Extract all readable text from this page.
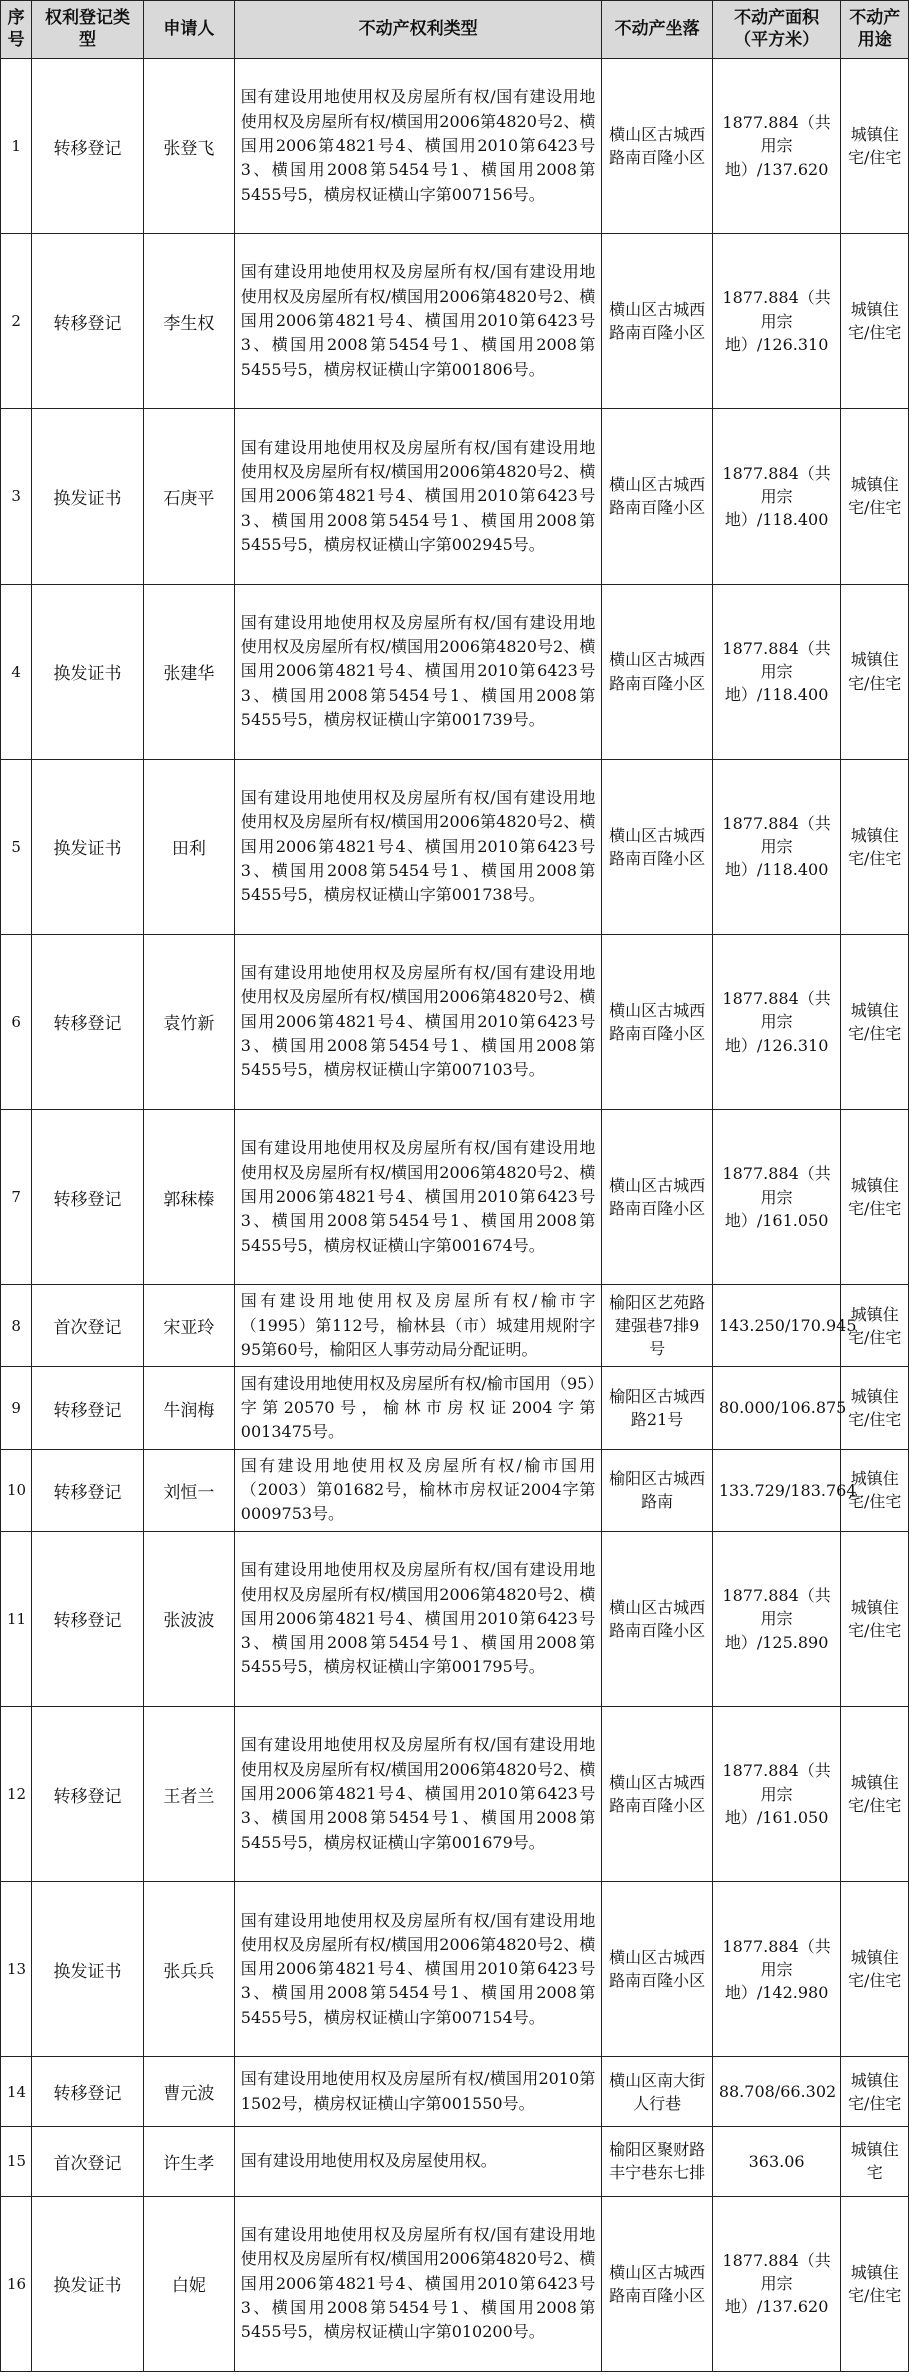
序号	权利登记类型	申请人	不动产权利类型	不动产坐落	不动产面积（平方米）	不动产用途
1	转移登记	张登飞	国有建设用地使用权及房屋所有权/国有建设用地使用权及房屋所有权/横国用2006第4820号2、横国用2006第4821号4、横国用2010第6423号3、横国用2008第5454号1、横国用2008第5455号5，横房权证横山字第007156号。	横山区古城西路南百隆小区	1877.884（共用宗地）/137.620	城镇住宅/住宅
2	转移登记	李生权	国有建设用地使用权及房屋所有权/国有建设用地使用权及房屋所有权/横国用2006第4820号2、横国用2006第4821号4、横国用2010第6423号3、横国用2008第5454号1、横国用2008第5455号5，横房权证横山字第001806号。	横山区古城西路南百隆小区	1877.884（共用宗地）/126.310	城镇住宅/住宅
3	换发证书	石庚平	国有建设用地使用权及房屋所有权/国有建设用地使用权及房屋所有权/横国用2006第4820号2、横国用2006第4821号4、横国用2010第6423号3、横国用2008第5454号1、横国用2008第5455号5，横房权证横山字第002945号。	横山区古城西路南百隆小区	1877.884（共用宗地）/118.400	城镇住宅/住宅
4	换发证书	张建华	国有建设用地使用权及房屋所有权/国有建设用地使用权及房屋所有权/横国用2006第4820号2、横国用2006第4821号4、横国用2010第6423号3、横国用2008第5454号1、横国用2008第5455号5，横房权证横山字第001739号。	横山区古城西路南百隆小区	1877.884（共用宗地）/118.400	城镇住宅/住宅
5	换发证书	田利	国有建设用地使用权及房屋所有权/国有建设用地使用权及房屋所有权/横国用2006第4820号2、横国用2006第4821号4、横国用2010第6423号3、横国用2008第5454号1、横国用2008第5455号5，横房权证横山字第001738号。	横山区古城西路南百隆小区	1877.884（共用宗地）/118.400	城镇住宅/住宅
6	转移登记	袁竹新	国有建设用地使用权及房屋所有权/国有建设用地使用权及房屋所有权/横国用2006第4820号2、横国用2006第4821号4、横国用2010第6423号3、横国用2008第5454号1、横国用2008第5455号5，横房权证横山字第007103号。	横山区古城西路南百隆小区	1877.884（共用宗地）/126.310	城镇住宅/住宅
7	转移登记	郭秣榛	国有建设用地使用权及房屋所有权/国有建设用地使用权及房屋所有权/横国用2006第4820号2、横国用2006第4821号4、横国用2010第6423号3、横国用2008第5454号1、横国用2008第5455号5，横房权证横山字第001674号。	横山区古城西路南百隆小区	1877.884（共用宗地）/161.050	城镇住宅/住宅
8	首次登记	宋亚玲	国有建设用地使用权及房屋所有权/榆市字（1995）第112号，榆林县（市）城建用规附字95第60号，榆阳区人事劳动局分配证明。	榆阳区艺苑路建强巷7排9号	143.250/170.945	城镇住宅/住宅
9	转移登记	牛润梅	国有建设用地使用权及房屋所有权/榆市国用（95）字第20570号，榆林市房权证2004字第0013475号。	榆阳区古城西路21号	80.000/106.875	城镇住宅/住宅
10	转移登记	刘恒一	国有建设用地使用权及房屋所有权/榆市国用（2003）第01682号，榆林市房权证2004字第0009753号。	榆阳区古城西路南	133.729/183.764	城镇住宅/住宅
11	转移登记	张波波	国有建设用地使用权及房屋所有权/国有建设用地使用权及房屋所有权/横国用2006第4820号2、横国用2006第4821号4、横国用2010第6423号3、横国用2008第5454号1、横国用2008第5455号5，横房权证横山字第001795号。	横山区古城西路南百隆小区	1877.884（共用宗地）/125.890	城镇住宅/住宅
12	转移登记	王者兰	国有建设用地使用权及房屋所有权/国有建设用地使用权及房屋所有权/横国用2006第4820号2、横国用2006第4821号4、横国用2010第6423号3、横国用2008第5454号1、横国用2008第5455号5，横房权证横山字第001679号。	横山区古城西路南百隆小区	1877.884（共用宗地）/161.050	城镇住宅/住宅
13	换发证书	张兵兵	国有建设用地使用权及房屋所有权/国有建设用地使用权及房屋所有权/横国用2006第4820号2、横国用2006第4821号4、横国用2010第6423号3、横国用2008第5454号1、横国用2008第5455号5，横房权证横山字第007154号。	横山区古城西路南百隆小区	1877.884（共用宗地）/142.980	城镇住宅/住宅
14	转移登记	曹元波	国有建设用地使用权及房屋所有权/横国用2010第1502号，横房权证横山字第001550号。	横山区南大街人行巷	88.708/66.302	城镇住宅/住宅
15	首次登记	许生孝	国有建设用地使用权及房屋使用权。	榆阳区聚财路丰宁巷东七排	363.06	城镇住宅
16	换发证书	白妮	国有建设用地使用权及房屋所有权/国有建设用地使用权及房屋所有权/横国用2006第4820号2、横国用2006第4821号4、横国用2010第6423号3、横国用2008第5454号1、横国用2008第5455号5，横房权证横山字第010200号。	横山区古城西路南百隆小区	1877.884（共用宗地）/137.620	城镇住宅/住宅
